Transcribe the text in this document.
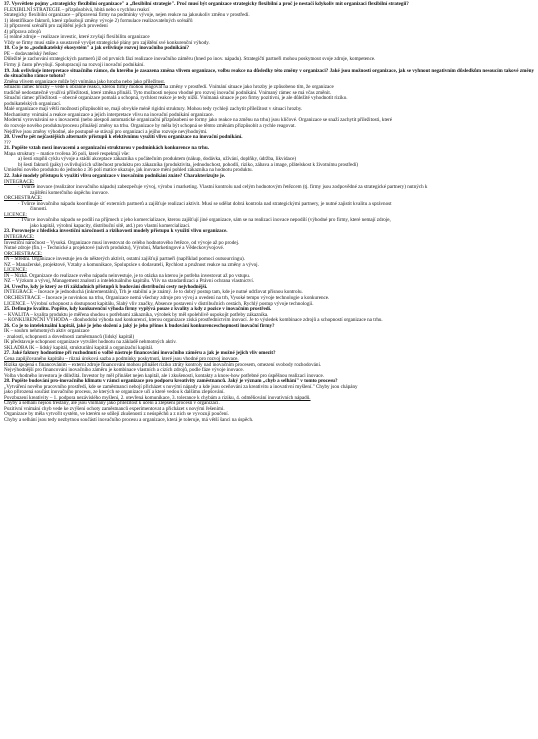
37. Vysvětlete pojmy „strategicky flexibilní organizace" a „flexibilní strategie". Proč musí být organizace strategicky flexibilní a proč je nestačí kdykoliv mít organizaci flexibilní strategii?

FLEXIBILNÍ STRATEGIE – přizpůsobivá, hbitá nebo s rychlou reakcí

Strategicky flexibilní organizace – připravená firmy na podmínky vývoje, nejen reakce na jakoukoliv změnu v prostředí.

1) identifikace faktorů, které způsobují změny vývoje 2) formulace realizovatelných scénářů

3) připravení scénářů pro zajištění jejich provedení

4) příprava zdrojů

5) reálné zdroje – realizace investic, které zvyšují flexibilitu organizace

Vždy se firmy musí stále a soustavně vyvíjet strategické plány pro zajištění své konkurenční výhody.

18. Co je to „podnikatelský ekosystém" a jak ovlivňuje rozvoj inovačního podnikání?

PE – dodavatelský řetězec

Důležité je zachování strategických partnerů již od prvních fází realizace inovačního záměru (hned po inov. nápadu). Strategičtí partneři mohou poskytnout svoje zdroje, kompetence.

Firmy ji často převyšují. Spolupracují na rozvoji inovační podnikání.

19. Jak ovlivňuje interpretace situačního rámce, do kterého je zasazena změna vlivem organizace, volbu reakce na důsledky této změny v organizaci? Jaké jsou možnosti organizace, jak se vyhnout negativním důsledkům nesoucím takové změny do situačního rámce tohoto?

Změna vlivem organizace může být vnímána jako hrozba nebo jako příležitost.

Situační rámec hrozby – vede k obranné reakci, kterou firmy mohou reagovat na změny v prostředí. Vnímání situace jako hrozby je způsobeno tím, že organizace

tradičně nedostatečně využívá příležitosti, které změna přináší. Tyto možnosti nejsou vhodné pro rozvoj inovační podnikání. Vnímaný rámec se má včas změnit.

Situační rámec příležitosti – obecně organizace pomalá a schopná, rychlost reakce je tedy nižší. Vnímaná situace je pro firmy pozitivní, je ale důležité vyhodnotit riziko.

podnikatelských organizací.

Malé organizace mají větší možnosti přizpůsobit se, mají obvykle méně rigidní struktury. Mohou tedy rychleji zachytit příležitost v situaci hrozby.

Mechanismy vnímání a reakce organizace a jejich interpretace vlivu na inovační podnikání organizace.

Moderní vyrovnávání se s inovacemi (nebo alespoň automatické organizační přizpůsobení se formy jako reakce na změnu na trhu) jsou klíčové. Organizace se snaží zachytit příležitosti, které

do rozvoje nového produktu/procesu přinášejí změny na trhu. Organizace by měla být schopná se těmto změnám přizpůsobit a rychle reagovat.

Nejdříve jsou změny výhodné, ale postupně se stávají pro organizaci a jejího rozvoje nevýhodnými.

20. Uveďte pět nejčastějších alternativ přístupů k efektivnímu využití vlivu organizace na inovační podnikání.

???

21. Popište vztah mezi inovacemi a organizační strukturou v podmínkách konkurence na trhu.

Mapa struktury – matice tvořena 36 poli, které respektují vše:

a) šesti stupňů cyklu vývoje a stádií akceptace zákazníka s počátečním produktem (nákup, dodávka, užívání, doplňky, údržba, likvidace)

b) šesti faktorů (páky) ovlivňujících užitečnost produktu pro zákazníka (produktivita, jednoduchost, pohodlí, riziko, zábava a image, přátelskost k životnímu prostředí)

Umístění nového produktu do jednoho z 36 polí matice ukazuje, jak inovace mění pohled zákazníka na hodnotu produktu.

22. Jaké modely přístupu k využití vlivu organizace v inovačním podnikání znáte? Charakterizujte je.

INTEGRACE:

· Tvůrce inovace (realizátor inovačního nápadu) zabezpečuje vývoj, výrobu i marketing. Vlastní kontrolu nad celým hodnotovým řetězcem (tj. firmy jsou zodpovědné za strategické partnery) nutných k

zajištění komerčního úspěchu inovace.

ORCHESTRACE:

· Tvůrce inovačního nápadu koordinuje síť externích partnerů a zajišťuje realizaci aktivit. Musí se udělat dobrá kontrola nad strategickými partnery, je nutné zajistit kvalitu a správnost

činnosti.

LICENCE:

· Tvůrce inovačního nápadu se podílí na příjmech z jeho komercializace, kterou zajišťují jiné organizace, sám se na realizaci inovace nepodílí (výhodné pro firmy, které nemají zdroje,

jako kapitál, výrobní kapacity, distribuční sítě, atd.) pro vlastní komercializaci.

23. Porovnejte z hlediska investiční náročnosti a rizikovosti modely přístupu k využití vlivu organizace.

INTEGRACE:

Investiční náročnost – Vysoká. Organizace musí investovat do celého hodnotového řetězce, od vývoje až po prodej.

Nutné zdroje (fin.) – Technické a projektové (návrh produktu), Výrobní, Marketingové a Vědeckovývojové.

ORCHESTRACE:

IN – Střední. Organizace investuje jen do některých aktivit, ostatní zajišťují partneři (například pomocí outsourcingu).

NZ – Manažerské, projektové, Vztahy a komunikace, Spolupráce s dodavateli, Rychlost a pružnost reakce na změny a vývoj.

LICENCE:

IN – Nízká. Organizace do realizace svého nápadu neinvestuje, je to otázka na kterou je potřeba investovat až po vstupu.

NZ – Výzkum a vývoj, Management znalostí a intelektuálního kapitálu. Vliv na standardizaci a Právní ochrana vlastnictví.

24. Uveďte, kdy je který ze tří základních přístupů k budování distribuční cesty nejvhodnější.

INTEGRACE – Inovace je jednoduchá (inkrementální), Trh je stabilní a je známý. Je to dobrý postup tam, kde je nutné udržovat přísnou kontrolu.

ORCHESTRACE – Inovace je novinkou na trhu, Organizace nemá všechny zdroje pro vývoj a uvedení na trh, Vysoké tempo vývoje technologie a konkurence.

LICENCE – Výrobní schopnost a dostupnost kapitálu, Slabý vliv značky, Absence postavení v distribučních cestách, Rychlý postup vývoje technologií.

25. Definujte kvalitu. Popište, kdy konkurenční výhoda firmy vyplývá pouze z kvality a kdy z pozice v inovačním prostředí.

– KVALITA – kvalita produktu je měřena shodou s potřebami zákazníka, výrobek by měl spolehlivě uspokojit potřeby zákazníka.

– KONKURENČNÍ VÝHODA – dlouhodobá výhoda nad konkurencí, kterou organizace získá prostřednictvím inovací. Je to výsledek kombinace zdrojů a schopností organizace na trhu.

26. Co je to intelektuální kapitál, jaké je jeho složení a jaký je jeho přínos k budování konkurenceschopnosti inovační firmy?

IK – souhrn nehmotných aktiv organizace

· znalosti, schopnosti a dovednosti zaměstnanců (lidský kapitál)

IK představuje schopnost organizace vytvářet hodnotu na základě nehmotných aktiv.

SKLADBA IK – lidský kapitál, strukturální kapitál a organizační kapitál.

27. Jaké faktory hodnotíme při rozhodnutí o volbě nástroje financování inovačního záměru a jak je možné jejich vliv omezit?

Cena zapůjčovaného kapitálu – různá úroková sazba a podmínky poskytnutí, které jsou vhodné pro rozvoj inovace.

Rizika spojená s financováním – externí zdroje financování mohou přinášet riziko ztráty kontroly nad inovačním procesem, omezení svobody rozhodování.

Nejvýhodnější pro financování inovačního záměru je kombinace vlastních a cizích zdrojů, podle fáze vývoje inovace.

Volba vhodného investora je důležitá. Investor by měl přinášet nejen kapitál, ale i zkušenosti, kontakty a know-how potřebné pro úspěšnou realizaci inovace.

28. Popište budování pro-inovačního klimatu v rámci organizace pro podporu kreativity zaměstnanců. Jaký je význam „chyb a selhání" v tomto procesu?

„Vytváření nového pracovního prostředí, kde se zaměstnanci nebojí přicházet s novými nápady a kde jsou oceňováni za kreativitu a inovativní myšlení." Chyby jsou chápány

jako přirozená součást inovačního procesu, ze kterých se organizace učí a které vedou k dalšímu zlepšování.

Povzbuzení kreativity – 1. podpora nezávislého myšlení, 2. otevřená komunikace, 3. tolerance k chybám a riziku, 4. odměňování inovativních nápadů.

Chyby a selhání nejsou trestány, ale jsou vnímány jako příležitost k učení a zlepšení procesů v organizaci.

Pozitivní vnímání chyb vede ke zvýšení ochoty zaměstnanců experimentovat a přicházet s novými řešeními.

Organizace by měla vytvořit systém, ve kterém se sdílejí zkušenosti z neúspěchů a z nich se vyvozují poučení.

Chyby a selhání jsou tedy nezbytnou součástí inovačního procesu a organizace, která je toleruje, má větší šanci na úspěch.
